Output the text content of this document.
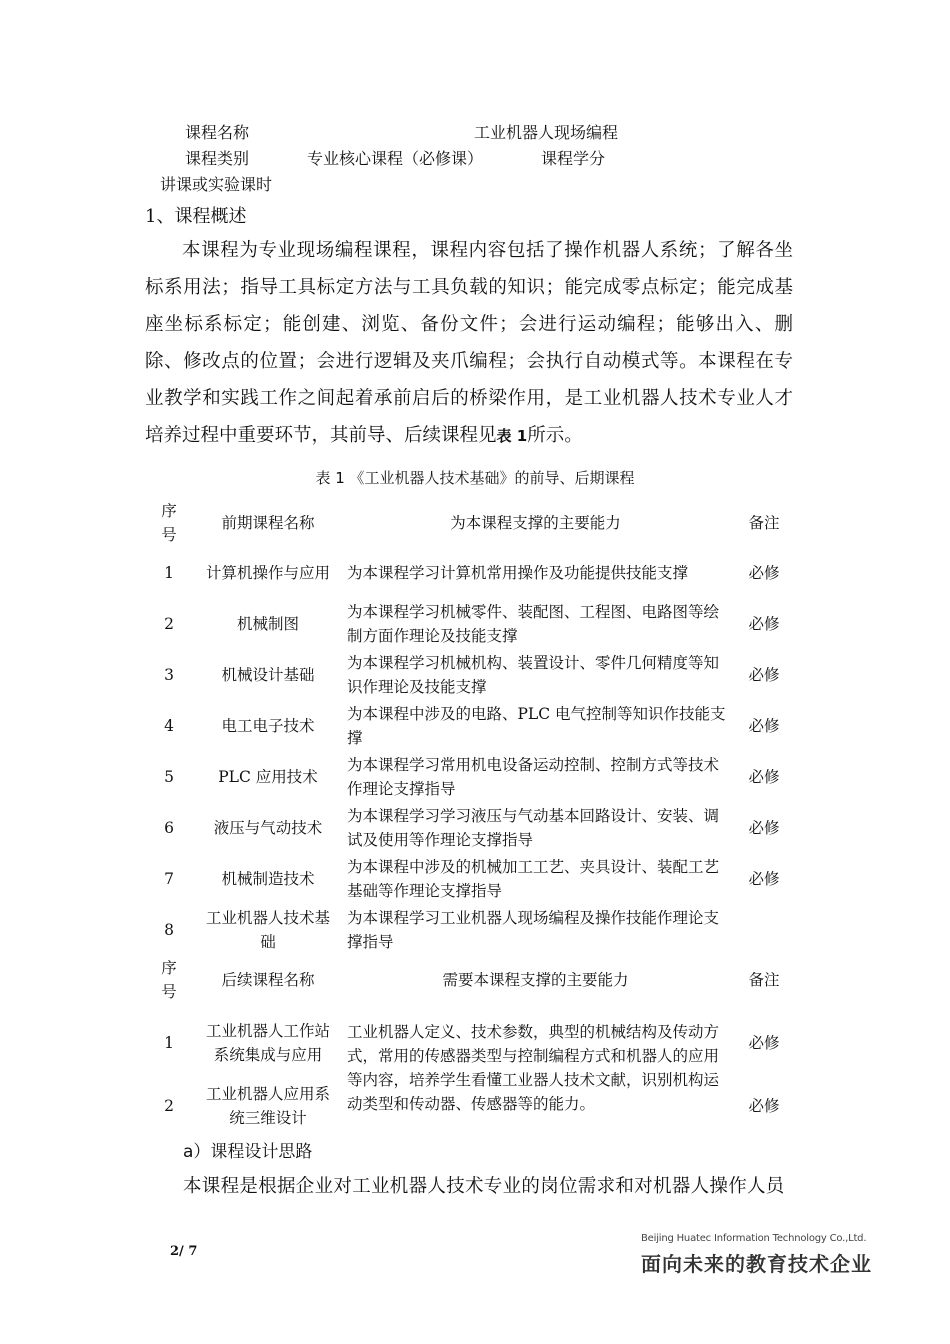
课程名称	工业机器人现场编程
课程类别	专业核心课程（必修课）	课程学分
讲课或实验课时
1、课程概述

本课程为专业现场编程课程，课程内容包括了操作机器人系统；了解各坐

标系用法；指导工具标定方法与工具负载的知识；能完成零点标定；能完成基

座坐标系标定；能创建、浏览、备份文件；会进行运动编程；能够出入、删

除、修改点的位置；会进行逻辑及夹爪编程；会执行自动模式等。本课程在专

业教学和实践工作之间起着承前启后的桥梁作用，是工业机器人技术专业人才

培养过程中重要环节，其前导、后续课程见表 1所示。

表 1 《工业机器人技术基础》的前导、后期课程
序号	前期课程名称	为本课程支撑的主要能力	备注
1	计算机操作与应用	为本课程学习计算机常用操作及功能提供技能支撑	必修
2	机械制图	为本课程学习机械零件、装配图、工程图、电路图等绘制方面作理论及技能支撑	必修
3	机械设计基础	为本课程学习机械机构、装置设计、零件几何精度等知识作理论及技能支撑	必修
4	电工电子技术	为本课程中涉及的电路、PLC 电气控制等知识作技能支撑	必修
5	PLC 应用技术	为本课程学习常用机电设备运动控制、控制方式等技术作理论支撑指导	必修
6	液压与气动技术	为本课程学习学习液压与气动基本回路设计、安装、调试及使用等作理论支撑指导	必修
7	机械制造技术	为本课程中涉及的机械加工工艺、夹具设计、装配工艺基础等作理论支撑指导	必修
8	工业机器人技术基础	为本课程学习工业机器人现场编程及操作技能作理论支撑指导	

序号	后续课程名称	需要本课程支撑的主要能力	备注
1	工业机器人工作站系统集成与应用	工业机器人定义、技术参数，典型的机械结构及传动方式，常用的传感器类型与控制编程方式和机器人的应用等内容，培养学生看懂工业器人技术文献，识别机构运动类型和传动器、传感器等的能力。	必修
2	工业机器人应用系统三维设计		必修
a）课程设计思路
本课程是根据企业对工业机器人技术专业的岗位需求和对机器人操作人员
2/ 7
Beijing Huatec Information Technology Co.,Ltd.
面向未来的教育技术企业
